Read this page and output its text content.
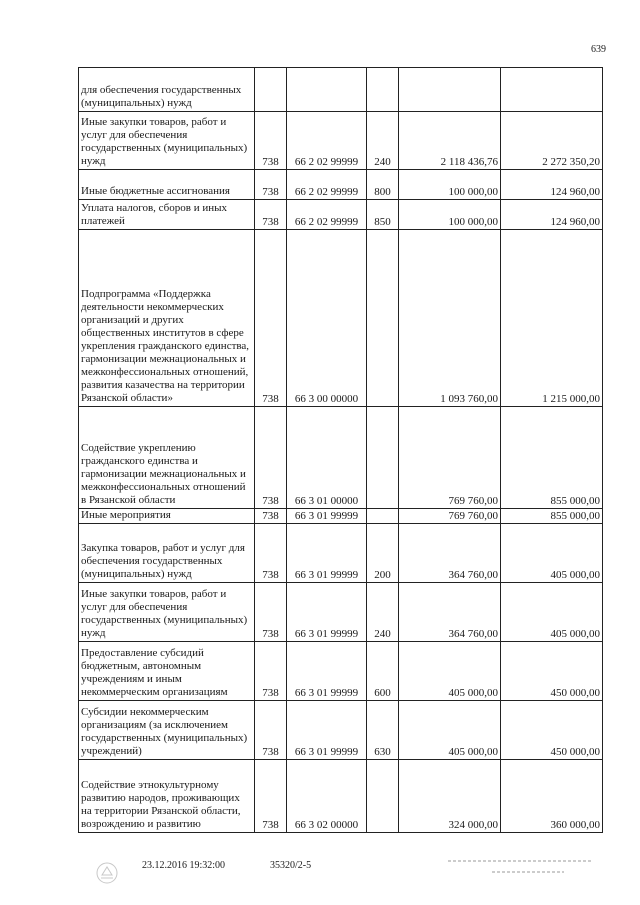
639
для обеспечения государственных (муниципальных) нужд					

Иные закупки товаров, работ и услуг для обеспечения государственных (муниципальных) нужд	738	66 2 02 99999	240	2 118 436,76	2 272 350,20

Иные бюджетные ассигнования	738	66 2 02 99999	800	100 000,00	124 960,00

Уплата налогов, сборов и иных платежей	738	66 2 02 99999	850	100 000,00	124 960,00

Подпрограмма «Поддержка деятельности некоммерческих организаций и других общественных институтов в сфере укрепления гражданского единства, гармонизации межнациональных и межконфессиональных отношений, развития казачества на территории Рязанской области»	738	66 3 00 00000		1 093 760,00	1 215 000,00

Содействие укреплению гражданского единства и гармонизации межнациональных и межконфессиональных отношений в Рязанской области	738	66 3 01 00000		769 760,00	855 000,00

Иные мероприятия	738	66 3 01 99999		769 760,00	855 000,00

Закупка товаров, работ и услуг для обеспечения государственных (муниципальных) нужд	738	66 3 01 99999	200	364 760,00	405 000,00

Иные закупки товаров, работ и услуг для обеспечения государственных (муниципальных) нужд	738	66 3 01 99999	240	364 760,00	405 000,00

Предоставление субсидий бюджетным, автономным учреждениям и иным некоммерческим организациям	738	66 3 01 99999	600	405 000,00	450 000,00

Субсидии некоммерческим организациям (за исключением государственных (муниципальных) учреждений)	738	66 3 01 99999	630	405 000,00	450 000,00

Содействие этнокультурному развитию народов, проживающих на территории Рязанской области, возрождению и развитию	738	66 3 02 00000		324 000,00	360 000,00
23.12.2016 19:32:00	35320/2-5
